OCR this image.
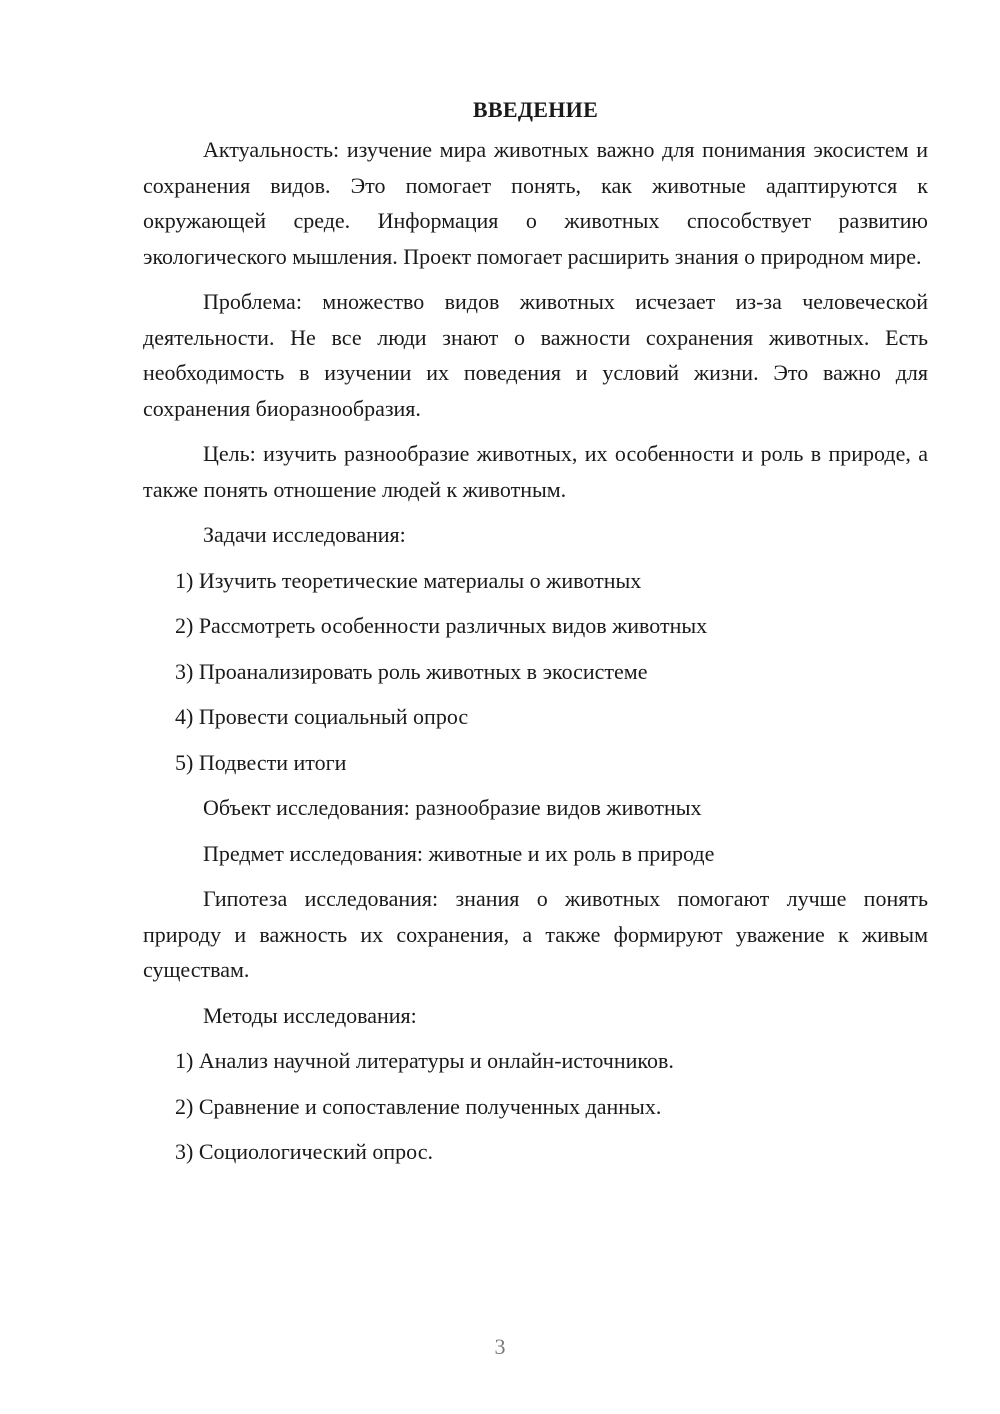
ВВЕДЕНИЕ

Актуальность: изучение мира животных важно для понимания экосистем и сохранения видов. Это помогает понять, как животные адаптируются к окружающей среде. Информация о животных способствует развитию экологического мышления. Проект помогает расширить знания о природном мире.

Проблема: множество видов животных исчезает из-за человеческой деятельности. Не все люди знают о важности сохранения животных. Есть необходимость в изучении их поведения и условий жизни. Это важно для сохранения биоразнообразия.

Цель: изучить разнообразие животных, их особенности и роль в природе, а также понять отношение людей к животным.

Задачи исследования:
1) Изучить теоретические материалы о животных
2) Рассмотреть особенности различных видов животных
3) Проанализировать роль животных в экосистеме
4) Провести социальный опрос
5) Подвести итоги
Объект исследования: разнообразие видов животных
Предмет исследования: животные и их роль в природе

Гипотеза исследования: знания о животных помогают лучше понять природу и важность их сохранения, а также формируют уважение к живым существам.

Методы исследования:
1) Анализ научной литературы и онлайн-источников.
2) Сравнение и сопоставление полученных данных.
3) Социологический опрос.
3
